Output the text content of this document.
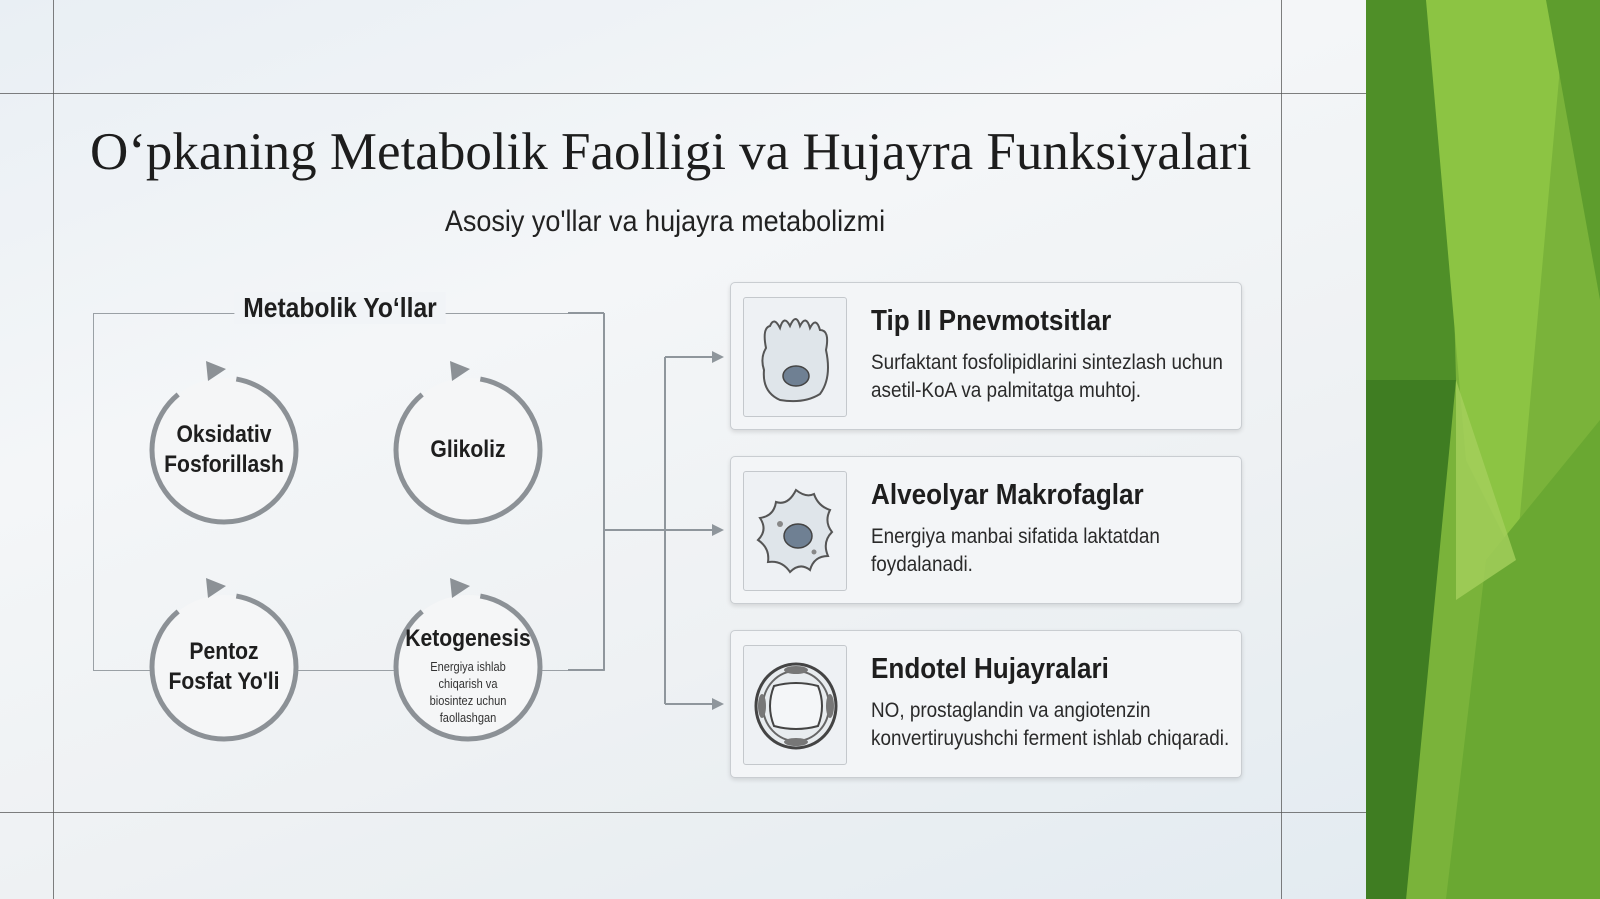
O‘pkaning Metabolik Faolligi va Hujayra Funksiyalari
Asosiy yo'llar va hujayra metabolizmi
Metabolik Yo‘llar
Oksidativ Fosforillash
Glikoliz
Pentoz Fosfat Yo'li
Ketogenesis
Energiya ishlab chiqarish va biosintez uchun faollashgan
Tip II Pnevmotsitlar
Surfaktant fosfolipidlarini sintezlash uchun asetil-KoA va palmitatga muhtoj.
Alveolyar Makrofaglar
Energiya manbai sifatida laktatdan foydalanadi.
Endotel Hujayralari
NO, prostaglandin va angiotenzin konvertiruyushchi ferment ishlab chiqaradi.
